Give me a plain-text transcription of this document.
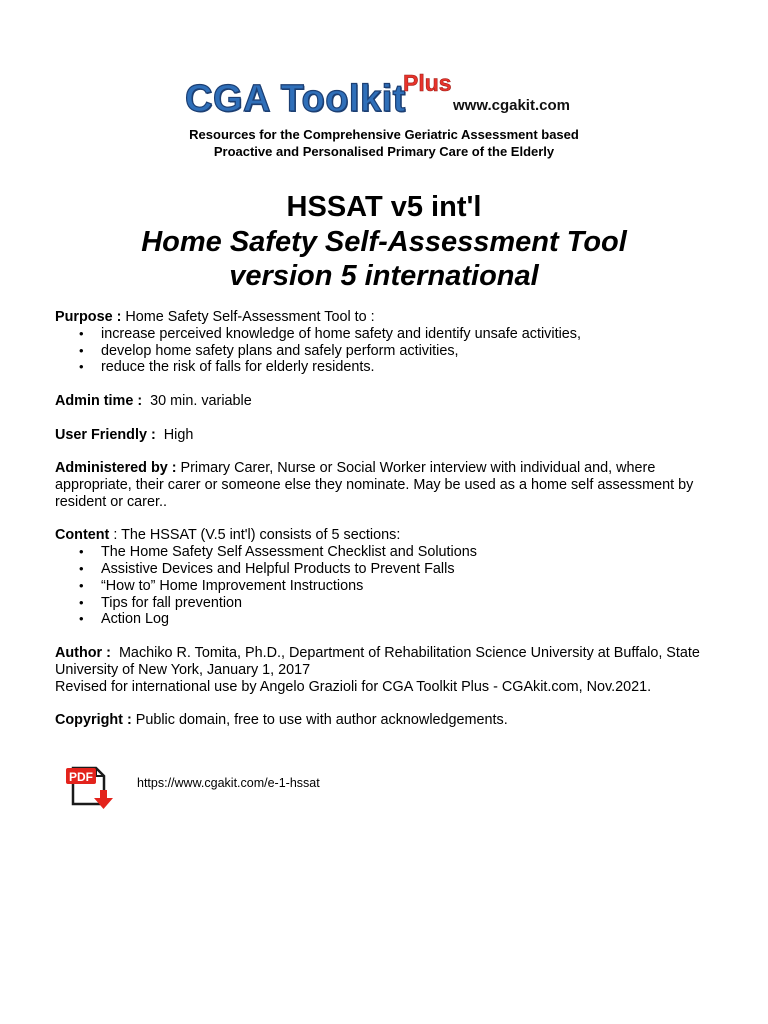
CGA Toolkit
Plus
www.cgakit.com
Resources for the Comprehensive Geriatric Assessment based
Proactive and Personalised Primary Care of the Elderly
HSSAT v5 int'l
Home Safety Self-Assessment Tool
version 5 international

Purpose : Home Safety Self-Assessment Tool to :

• increase perceived knowledge of home safety and identify unsafe activities,
• develop home safety plans and safely perform activities,
• reduce the risk of falls for elderly residents.

Admin time :  30 min. variable

User Friendly :  High

Administered by : Primary Carer, Nurse or Social Worker interview with individual and, where appropriate, their carer or someone else they nominate. May be used as a home self assessment by resident or carer..

Content : The HSSAT (V.5 int'l) consists of 5 sections:

• The Home Safety Self Assessment Checklist and Solutions
• Assistive Devices and Helpful Products to Prevent Falls
• “How to” Home Improvement Instructions
• Tips for fall prevention
• Action Log

Author :  Machiko R. Tomita, Ph.D., Department of Rehabilitation Science University at Buffalo, State University of New York, January 1, 2017

Revised for international use by Angelo Grazioli for CGA Toolkit Plus - CGAkit.com, Nov.2021.

Copyright : Public domain, free to use with author acknowledgements.

PDF	https://www.cgakit.com/e-1-hssat
